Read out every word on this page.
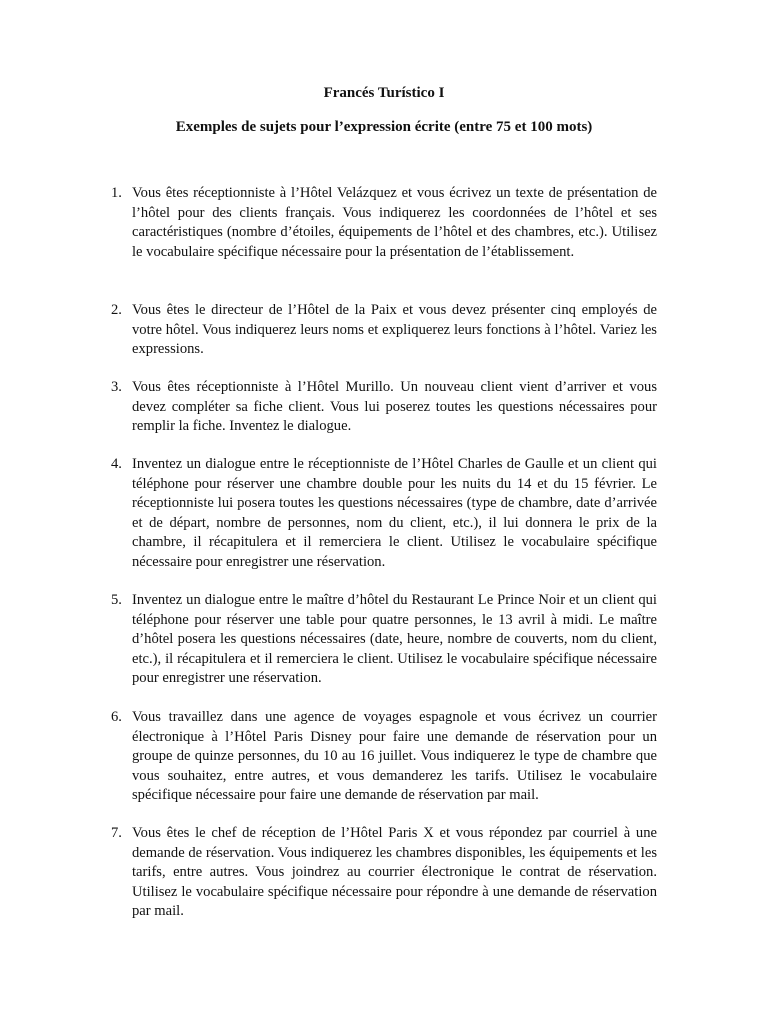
Francés Turístico I
Exemples de sujets pour l’expression écrite (entre 75 et 100 mots)
1. Vous êtes réceptionniste à l’Hôtel Velázquez et vous écrivez un texte de présentation de l’hôtel pour des clients français. Vous indiquerez les coordonnées de l’hôtel et ses caractéristiques (nombre d’étoiles, équipements de l’hôtel et des chambres, etc.). Utilisez le vocabulaire spécifique nécessaire pour la présentation de l’établissement.
2. Vous êtes le directeur de l’Hôtel de la Paix et vous devez présenter cinq employés de votre hôtel. Vous indiquerez leurs noms et expliquerez leurs fonctions à l’hôtel. Variez les expressions.
3. Vous êtes réceptionniste à l’Hôtel Murillo. Un nouveau client vient d’arriver et vous devez compléter sa fiche client. Vous lui poserez toutes les questions nécessaires pour remplir la fiche. Inventez le dialogue.
4. Inventez un dialogue entre le réceptionniste de l’Hôtel Charles de Gaulle et un client qui téléphone pour réserver une chambre double pour les nuits du 14 et du 15 février. Le réceptionniste lui posera toutes les questions nécessaires (type de chambre, date d’arrivée et de départ, nombre de personnes, nom du client, etc.), il lui donnera le prix de la chambre, il récapitulera et il remerciera le client. Utilisez le vocabulaire spécifique nécessaire pour enregistrer une réservation.
5. Inventez un dialogue entre le maître d’hôtel du Restaurant Le Prince Noir et un client qui téléphone pour réserver une table pour quatre personnes, le 13 avril à midi. Le maître d’hôtel posera les questions nécessaires (date, heure, nombre de couverts, nom du client, etc.), il récapitulera et il remerciera le client. Utilisez le vocabulaire spécifique nécessaire pour enregistrer une réservation.
6. Vous travaillez dans une agence de voyages espagnole et vous écrivez un courrier électronique à l’Hôtel Paris Disney pour faire une demande de réservation pour un groupe de quinze personnes, du 10 au 16 juillet. Vous indiquerez le type de chambre que vous souhaitez, entre autres, et vous demanderez les tarifs. Utilisez le vocabulaire spécifique nécessaire pour faire une demande de réservation par mail.
7. Vous êtes le chef de réception de l’Hôtel Paris X et vous répondez par courriel à une demande de réservation. Vous indiquerez les chambres disponibles, les équipements et les tarifs, entre autres. Vous joindrez au courrier électronique le contrat de réservation. Utilisez le vocabulaire spécifique nécessaire pour répondre à une demande de réservation par mail.
